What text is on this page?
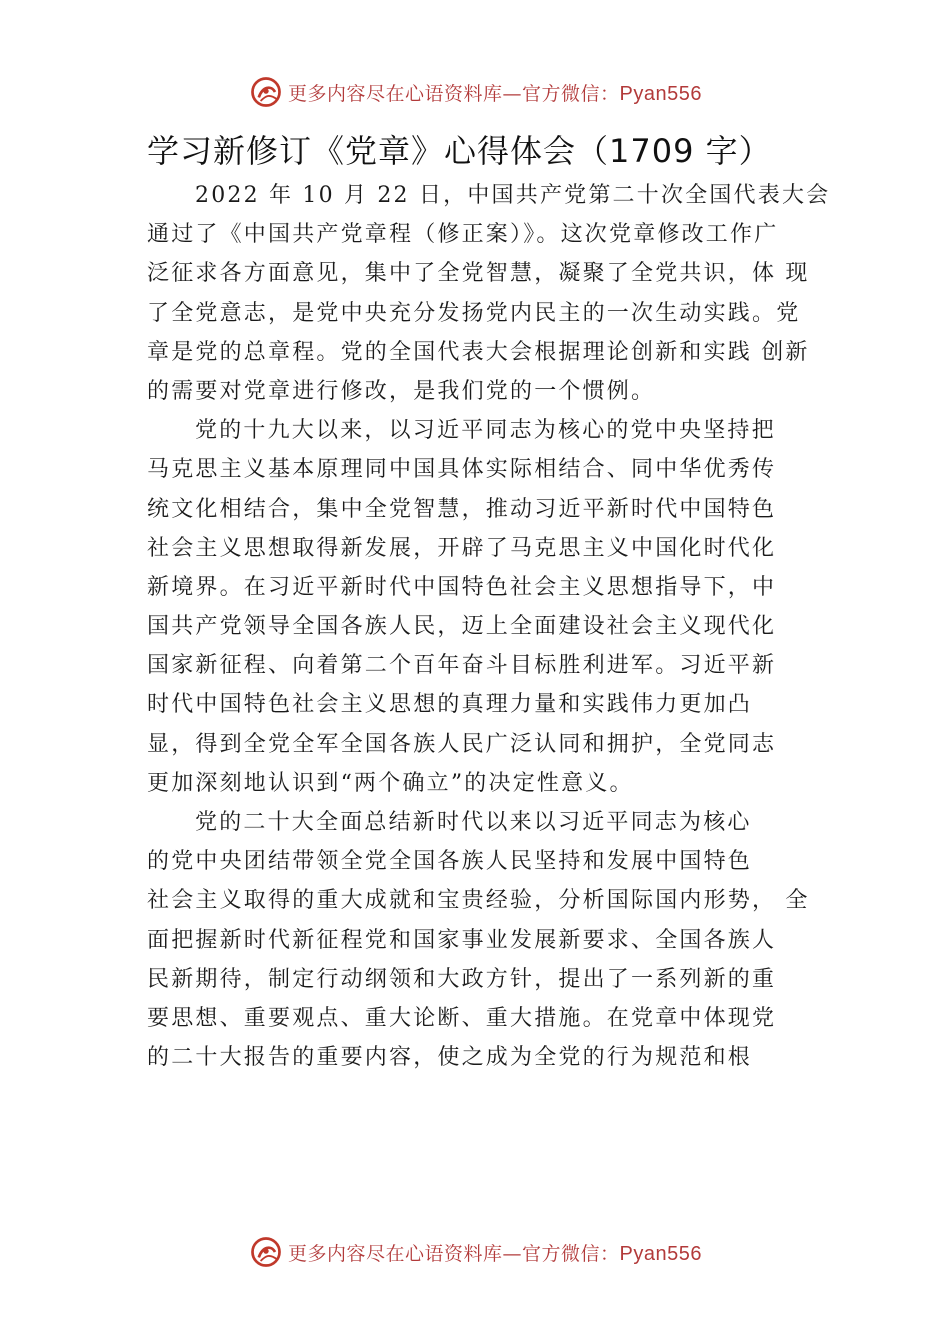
更多内容尽在心语资料库—官方微信：Pyan556
学习新修订《党章》心得体会（1709 字）
2022 年 10 月 22 日，中国共产党第二十次全国代表大会
通过了《中国共产党章程（修正案）》。这次党章修改工作广
泛征求各方面意见，集中了全党智慧，凝聚了全党共识，体 现
了全党意志，是党中央充分发扬党内民主的一次生动实践。党
章是党的总章程。党的全国代表大会根据理论创新和实践 创新
的需要对党章进行修改，是我们党的一个惯例。
党的十九大以来，以习近平同志为核心的党中央坚持把
马克思主义基本原理同中国具体实际相结合、同中华优秀传
统文化相结合，集中全党智慧，推动习近平新时代中国特色
社会主义思想取得新发展，开辟了马克思主义中国化时代化
新境界。在习近平新时代中国特色社会主义思想指导下，中
国共产党领导全国各族人民，迈上全面建设社会主义现代化
国家新征程、向着第二个百年奋斗目标胜利进军。习近平新
时代中国特色社会主义思想的真理力量和实践伟力更加凸
显，得到全党全军全国各族人民广泛认同和拥护，全党同志
更加深刻地认识到“两个确立”的决定性意义。
党的二十大全面总结新时代以来以习近平同志为核心
的党中央团结带领全党全国各族人民坚持和发展中国特色
社会主义取得的重大成就和宝贵经验，分析国际国内形势， 全
面把握新时代新征程党和国家事业发展新要求、全国各族人
民新期待，制定行动纲领和大政方针，提出了一系列新的重
要思想、重要观点、重大论断、重大措施。在党章中体现党
的二十大报告的重要内容，使之成为全党的行为规范和根
更多内容尽在心语资料库—官方微信：Pyan556
